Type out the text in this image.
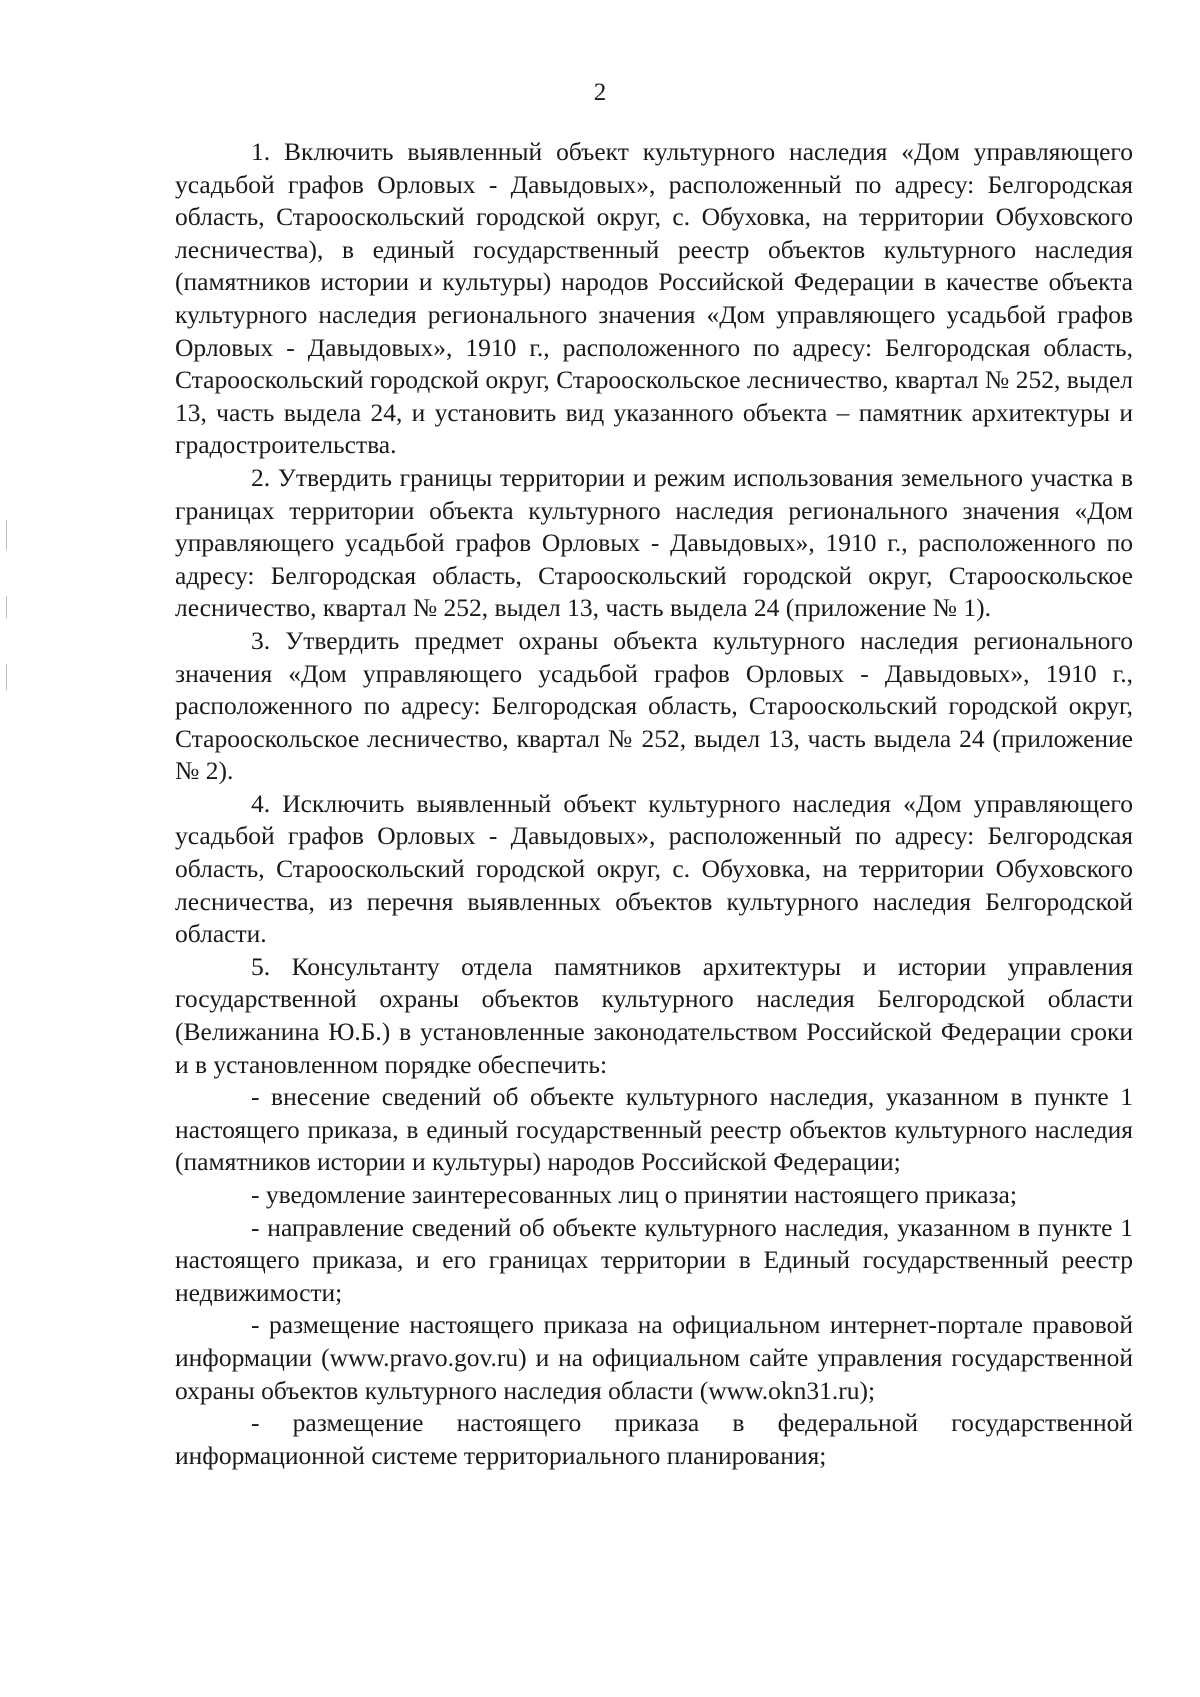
2

1. Включить выявленный объект культурного наследия «Дом управляющего усадьбой графов Орловых - Давыдовых», расположенный по адресу: Белгородская область, Старооскольский городской округ, с. Обуховка, на территории Обуховского лесничества), в единый государственный реестр объектов культурного наследия (памятников истории и культуры) народов Российской Федерации в качестве объекта культурного наследия регионального значения «Дом управляющего усадьбой графов Орловых - Давыдовых», 1910 г., расположенного по адресу: Белгородская область, Старооскольский городской округ, Старооскольское лесничество, квартал № 252, выдел 13, часть выдела 24, и установить вид указанного объекта – памятник архитектуры и градостроительства.

2. Утвердить границы территории и режим использования земельного участка в границах территории объекта культурного наследия регионального значения «Дом управляющего усадьбой графов Орловых - Давыдовых», 1910 г., расположенного по адресу: Белгородская область, Старооскольский городской округ, Старооскольское лесничество, квартал № 252, выдел 13, часть выдела 24 (приложение № 1).

3. Утвердить предмет охраны объекта культурного наследия регионального значения «Дом управляющего усадьбой графов Орловых - Давыдовых», 1910 г., расположенного по адресу: Белгородская область, Старооскольский городской округ, Старооскольское лесничество, квартал № 252, выдел 13, часть выдела 24 (приложение № 2).

4. Исключить выявленный объект культурного наследия «Дом управляющего усадьбой графов Орловых - Давыдовых», расположенный по адресу: Белгородская область, Старооскольский городской округ, с. Обуховка, на территории Обуховского лесничества, из перечня выявленных объектов культурного наследия Белгородской области.

5. Консультанту отдела памятников архитектуры и истории управления государственной охраны объектов культурного наследия Белгородской области (Велижанина Ю.Б.) в установленные законодательством Российской Федерации сроки и в установленном порядке обеспечить:

- внесение сведений об объекте культурного наследия, указанном в пункте 1 настоящего приказа, в единый государственный реестр объектов культурного наследия (памятников истории и культуры) народов Российской Федерации;

- уведомление заинтересованных лиц о принятии настоящего приказа;

- направление сведений об объекте культурного наследия, указанном в пункте 1 настоящего приказа, и его границах территории в Единый государственный реестр недвижимости;

- размещение настоящего приказа на официальном интернет-портале правовой информации (www.pravo.gov.ru) и на официальном сайте управления государственной охраны объектов культурного наследия области (www.okn31.ru);

- размещение настоящего приказа в федеральной государственной информационной системе территориального планирования;
